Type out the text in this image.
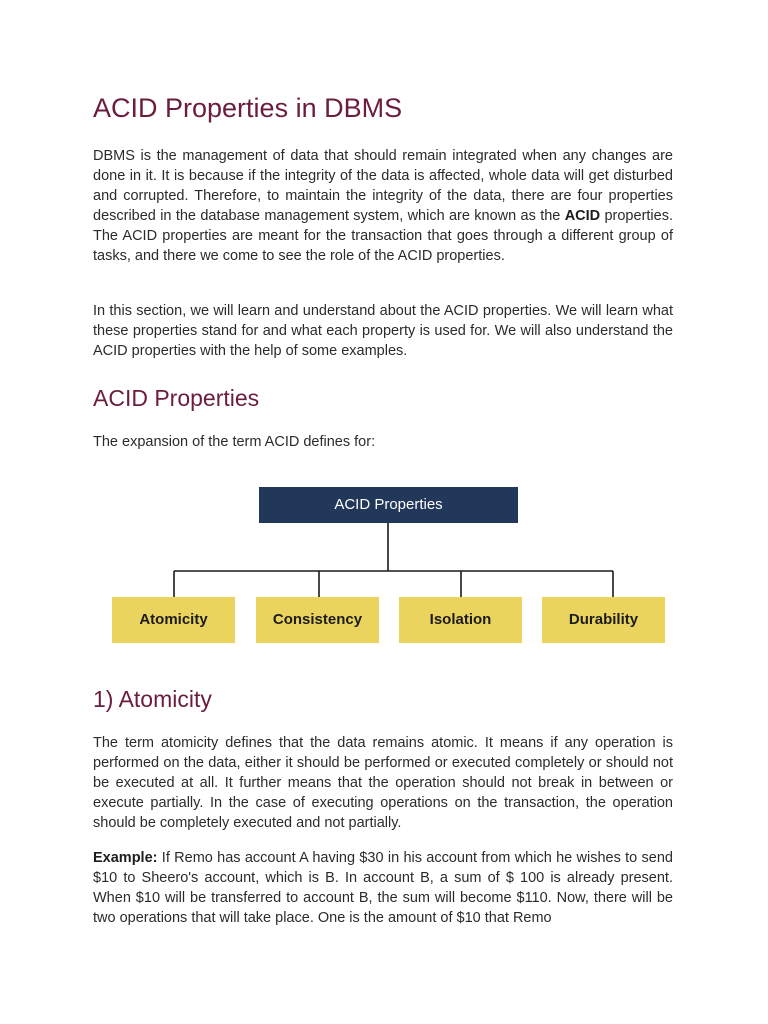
ACID Properties in DBMS

DBMS is the management of data that should remain integrated when any changes are done in it. It is because if the integrity of the data is affected, whole data will get disturbed and corrupted. Therefore, to maintain the integrity of the data, there are four properties described in the database management system, which are known as the ACID properties. The ACID properties are meant for the transaction that goes through a different group of tasks, and there we come to see the role of the ACID properties.

In this section, we will learn and understand about the ACID properties. We will learn what these properties stand for and what each property is used for. We will also understand the ACID properties with the help of some examples.

ACID Properties

The expansion of the term ACID defines for:

1) Atomicity

The term atomicity defines that the data remains atomic. It means if any operation is performed on the data, either it should be performed or executed completely or should not be executed at all. It further means that the operation should not break in between or execute partially. In the case of executing operations on the transaction, the operation should be completely executed and not partially.

Example: If Remo has account A having $30 in his account from which he wishes to send $10 to Sheero's account, which is B. In account B, a sum of $ 100 is already present. When $10 will be transferred to account B, the sum will become $110. Now, there will be two operations that will take place. One is the amount of $10 that Remo

ACID Properties
Atomicity	Consistency	Isolation	Durability
